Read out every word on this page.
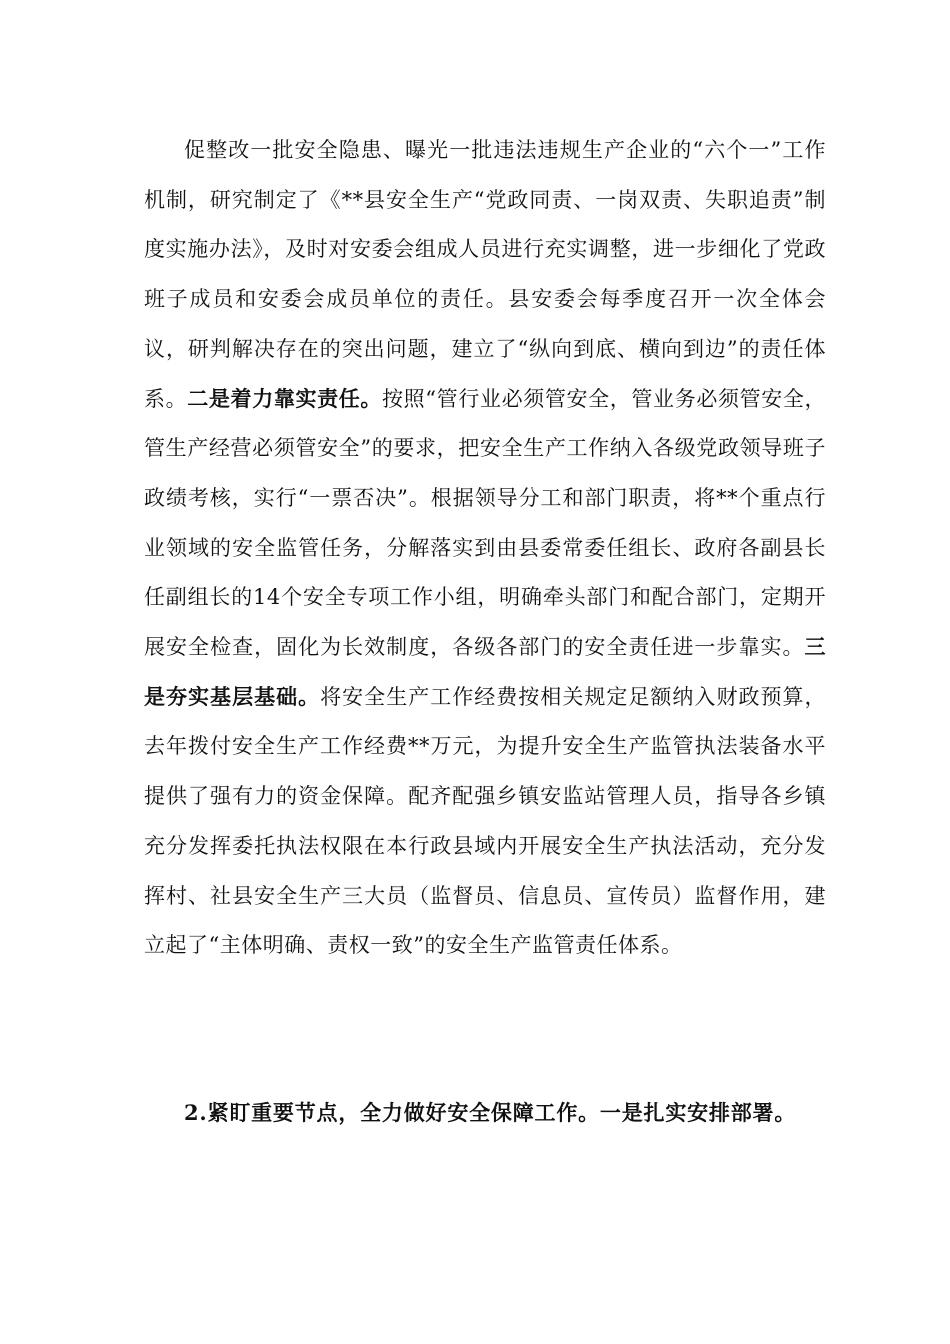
促整改一批安全隐患、曝光一批违法违规生产企业的“六个一”工作机制，研究制定了《**县安全生产“党政同责、一岗双责、失职追责”制度实施办法》，及时对安委会组成人员进行充实调整，进一步细化了党政班子成员和安委会成员单位的责任。县安委会每季度召开一次全体会议，研判解决存在的突出问题，建立了“纵向到底、横向到边”的责任体系。二是着力靠实责任。按照“管行业必须管安全，管业务必须管安全，管生产经营必须管安全”的要求，把安全生产工作纳入各级党政领导班子政绩考核，实行“一票否决”。根据领导分工和部门职责，将**个重点行业领域的安全监管任务，分解落实到由县委常委任组长、政府各副县长任副组长的14个安全专项工作小组，明确牵头部门和配合部门，定期开展安全检查，固化为长效制度，各级各部门的安全责任进一步靠实。三是夯实基层基础。将安全生产工作经费按相关规定足额纳入财政预算，去年拨付安全生产工作经费**万元，为提升安全生产监管执法装备水平提供了强有力的资金保障。配齐配强乡镇安监站管理人员，指导各乡镇充分发挥委托执法权限在本行政县域内开展安全生产执法活动，充分发挥村、社县安全生产三大员（监督员、信息员、宣传员）监督作用，建立起了“主体明确、责权一致”的安全生产监管责任体系。

2.紧盯重要节点，全力做好安全保障工作。一是扎实安排部署。
